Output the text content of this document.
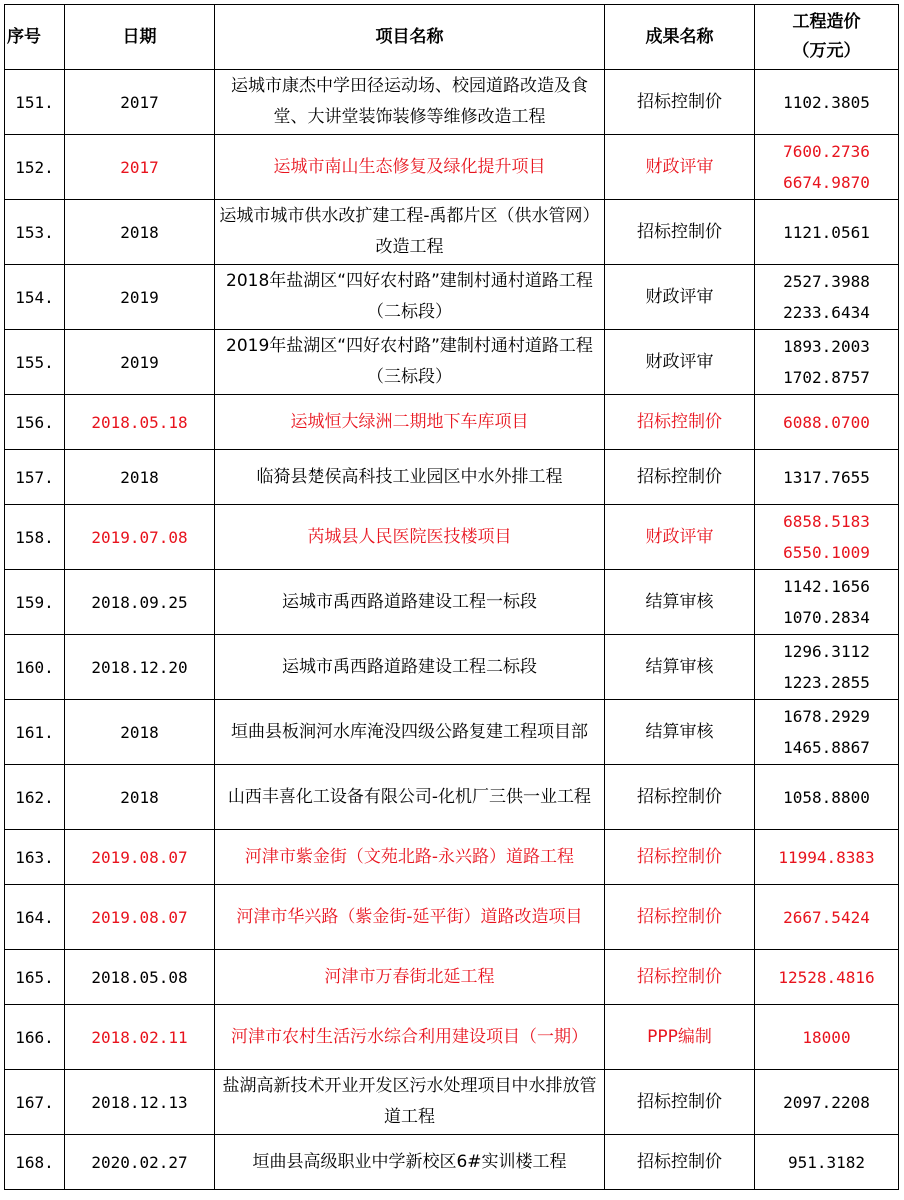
序号	日期	项目名称	成果名称	工程造价
（万元）

151.	2017	运城市康杰中学田径运动场、校园道路改造及食堂、大讲堂装饰装修等维修改造工程	招标控制价	1102.3805

152.	2017	运城市南山生态修复及绿化提升项目	财政评审	7600.2736
6674.9870

153.	2018	运城市城市供水改扩建工程-禹都片区（供水管网）改造工程	招标控制价	1121.0561

154.	2019	2018年盐湖区“四好农村路”建制村通村道路工程（二标段）	财政评审	2527.3988
2233.6434

155.	2019	2019年盐湖区“四好农村路”建制村通村道路工程（三标段）	财政评审	1893.2003
1702.8757

156.	2018.05.18	运城恒大绿洲二期地下车库项目	招标控制价	6088.0700

157.	2018	临猗县楚侯高科技工业园区中水外排工程	招标控制价	1317.7655

158.	2019.07.08	芮城县人民医院医技楼项目	财政评审	6858.5183
6550.1009

159.	2018.09.25	运城市禹西路道路建设工程一标段	结算审核	1142.1656
1070.2834

160.	2018.12.20	运城市禹西路道路建设工程二标段	结算审核	1296.3112
1223.2855

161.	2018	垣曲县板涧河水库淹没四级公路复建工程项目部	结算审核	1678.2929
1465.8867

162.	2018	山西丰喜化工设备有限公司-化机厂三供一业工程	招标控制价	1058.8800

163.	2019.08.07	河津市紫金街（文苑北路-永兴路）道路工程	招标控制价	11994.8383

164.	2019.08.07	河津市华兴路（紫金街-延平街）道路改造项目	招标控制价	2667.5424

165.	2018.05.08	河津市万春街北延工程	招标控制价	12528.4816

166.	2018.02.11	河津市农村生活污水综合利用建设项目（一期）	PPP编制	18000

167.	2018.12.13	盐湖高新技术开业开发区污水处理项目中水排放管道工程	招标控制价	2097.2208

168.	2020.02.27	垣曲县高级职业中学新校区6#实训楼工程	招标控制价	951.3182
